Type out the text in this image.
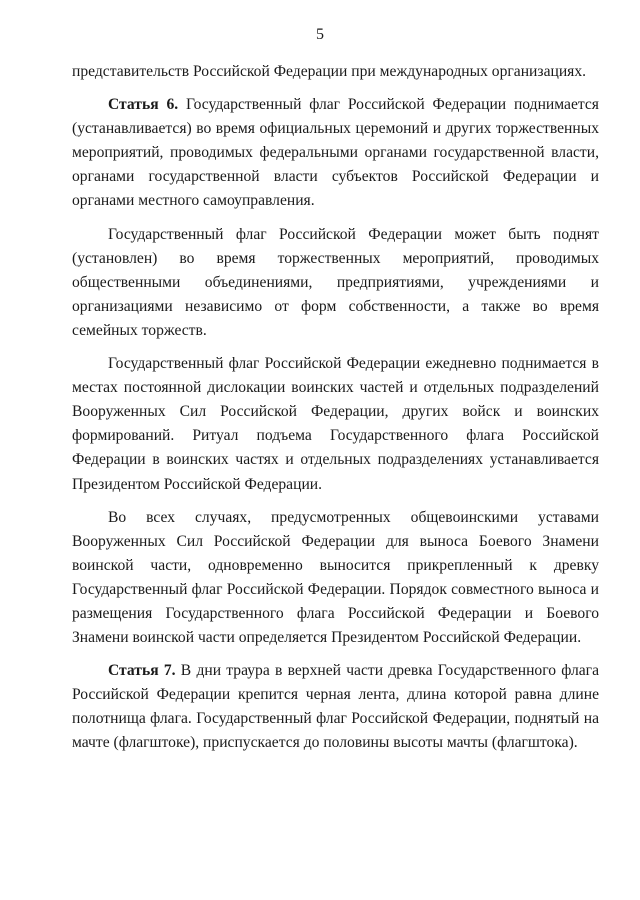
5

представительств Российской Федерации при международных организациях.

Статья 6. Государственный флаг Российской Федерации поднимается (устанавливается) во время официальных церемоний и других торжественных мероприятий, проводимых федеральными органами государственной власти, органами государственной власти субъектов Российской Федерации и органами местного самоуправления.

Государственный флаг Российской Федерации может быть поднят (установлен) во время торжественных мероприятий, проводимых общественными объединениями, предприятиями, учреждениями и организациями независимо от форм собственности, а также во время семейных торжеств.

Государственный флаг Российской Федерации ежедневно поднимается в местах постоянной дислокации воинских частей и отдельных подразделений Вооруженных Сил Российской Федерации, других войск и воинских формирований. Ритуал подъема Государственного флага Российской Федерации в воинских частях и отдельных подразделениях устанавливается Президентом Российской Федерации.

Во всех случаях, предусмотренных общевоинскими уставами Вооруженных Сил Российской Федерации для выноса Боевого Знамени воинской части, одновременно выносится прикрепленный к древку Государственный флаг Российской Федерации. Порядок совместного выноса и размещения Государственного флага Российской Федерации и Боевого Знамени воинской части определяется Президентом Российской Федерации.

Статья 7. В дни траура в верхней части древка Государственного флага Российской Федерации крепится черная лента, длина которой равна длине полотнища флага. Государственный флаг Российской Федерации, поднятый на мачте (флагштоке), приспускается до половины высоты мачты (флагштока).
